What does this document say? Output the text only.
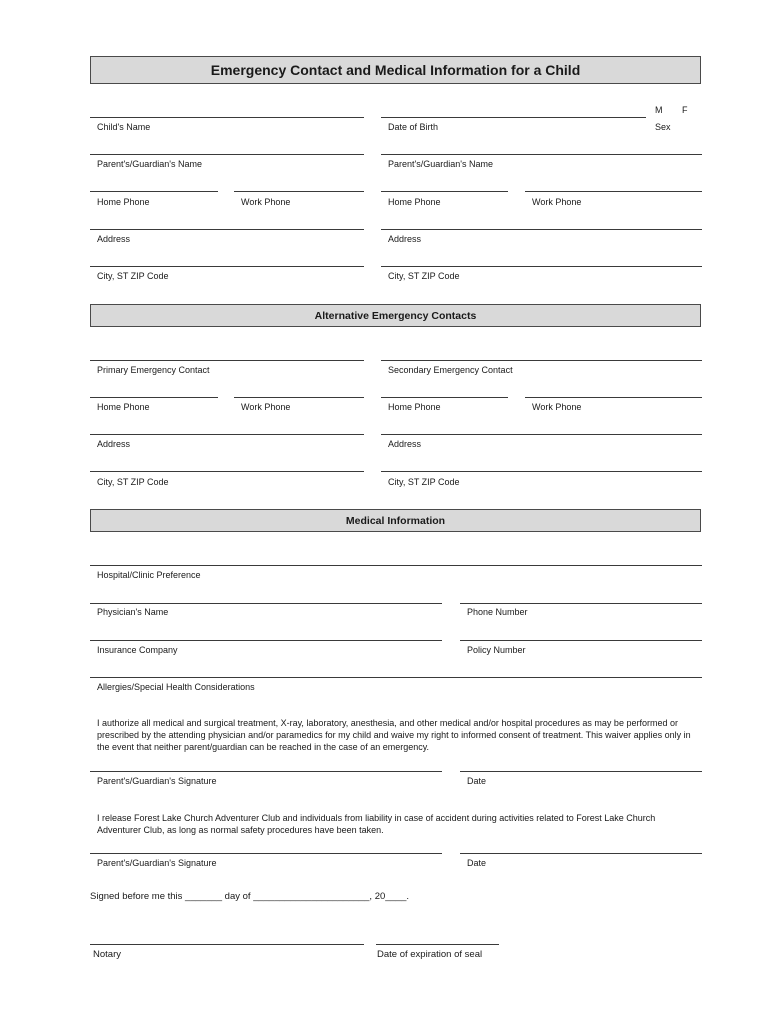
Emergency Contact and Medical Information for a Child
Child's Name	Date of Birth
M F
Sex
Parent's/Guardian's Name	Parent's/Guardian's Name
Home Phone	Work Phone	Home Phone	Work Phone
Address	Address
City, ST ZIP Code	City, ST ZIP Code
Alternative Emergency Contacts
Primary Emergency Contact	Secondary Emergency Contact
Home Phone	Work Phone	Home Phone	Work Phone
Address	Address
City, ST ZIP Code	City, ST ZIP Code
Medical Information
Hospital/Clinic Preference
Physician's Name	Phone Number
Insurance Company	Policy Number
Allergies/Special Health Considerations
I authorize all medical and surgical treatment, X-ray, laboratory, anesthesia, and other medical and/or hospital procedures as may be performed or prescribed by the attending physician and/or paramedics for my child and waive my right to informed consent of treatment. This waiver applies only in the event that neither parent/guardian can be reached in the case of an emergency.
Parent's/Guardian's Signature	Date
I release Forest Lake Church Adventurer Club and individuals from liability in case of accident during activities related to Forest Lake Church Adventurer Club, as long as normal safety procedures have been taken.
Parent's/Guardian's Signature	Date
Signed before me this _______ day of ______________________, 20____.
Notary	Date of expiration of seal
